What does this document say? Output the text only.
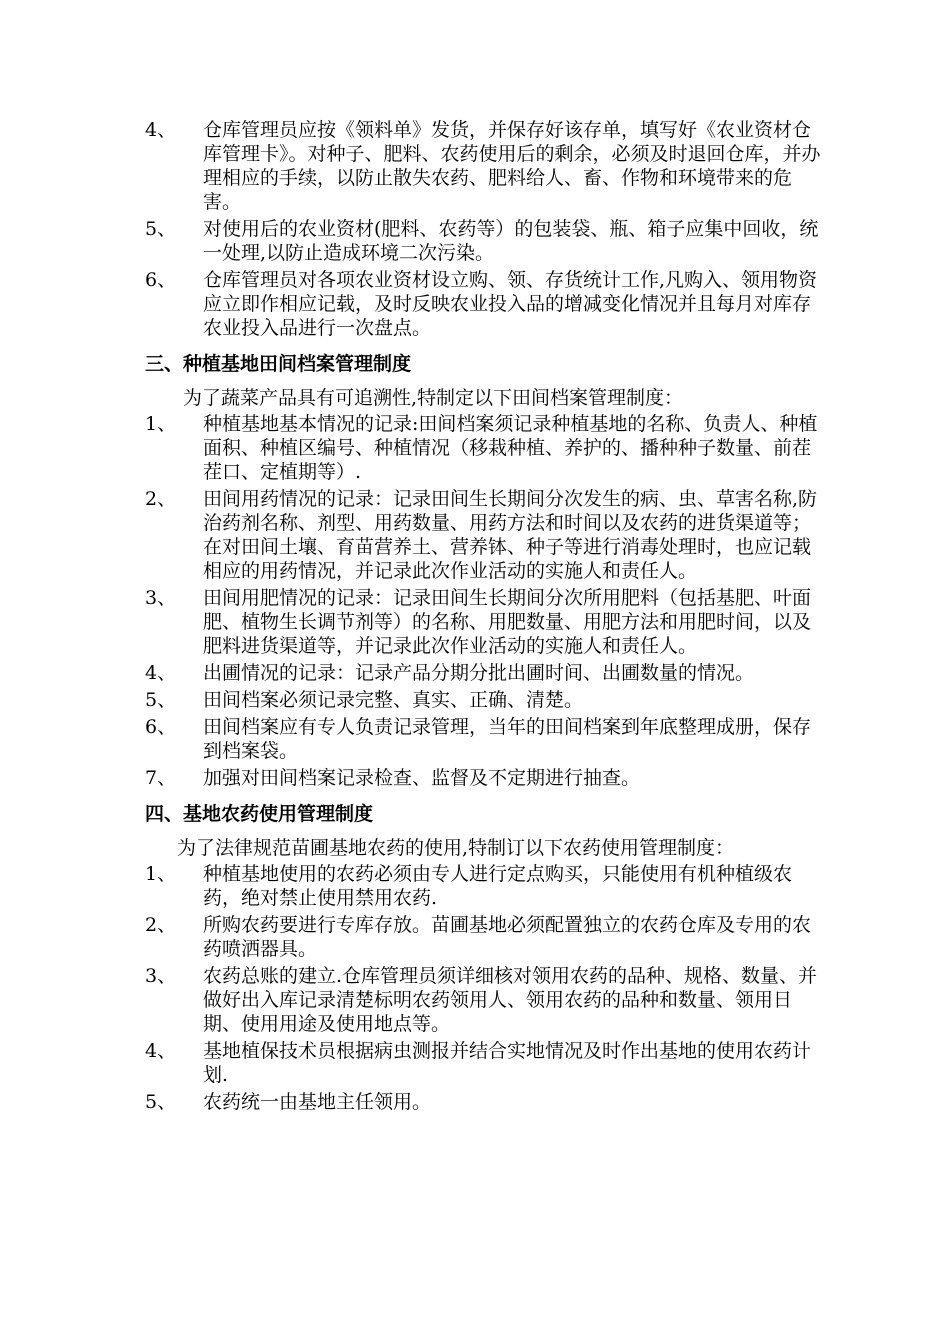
4、	仓库管理员应按《领料单》发货，并保存好该存单，填写好《农业资材仓库管理卡》。对种子、肥料、农药使用后的剩余，必须及时退回仓库，并办理相应的手续，以防止散失农药、肥料给人、畜、作物和环境带来的危害。
5、	对使用后的农业资材(肥料、农药等）的包装袋、瓶、箱子应集中回收，统一处理,以防止造成环境二次污染。
6、	仓库管理员对各项农业资材设立购、领、存货统计工作,凡购入、领用物资应立即作相应记载，及时反映农业投入品的增减变化情况并且每月对库存农业投入品进行一次盘点。
三、种植基地田间档案管理制度
为了蔬菜产品具有可追溯性,特制定以下田间档案管理制度：
1、	种植基地基本情况的记录:田间档案须记录种植基地的名称、负责人、种植面积、种植区编号、种植情况（移栽种植、养护的、播种种子数量、前茬茬口、定植期等）.
2、	田间用药情况的记录：记录田间生长期间分次发生的病、虫、草害名称,防治药剂名称、剂型、用药数量、用药方法和时间以及农药的进货渠道等；在对田间土壤、育苗营养土、营养钵、种子等进行消毒处理时，也应记载相应的用药情况，并记录此次作业活动的实施人和责任人。
3、	田间用肥情况的记录：记录田间生长期间分次所用肥料（包括基肥、叶面肥、植物生长调节剂等）的名称、用肥数量、用肥方法和用肥时间，以及肥料进货渠道等，并记录此次作业活动的实施人和责任人。
4、	出圃情况的记录：记录产品分期分批出圃时间、出圃数量的情况。
5、	田间档案必须记录完整、真实、正确、清楚。
6、	田间档案应有专人负责记录管理，当年的田间档案到年底整理成册，保存到档案袋。
7、	加强对田间档案记录检查、监督及不定期进行抽查。
四、基地农药使用管理制度
为了法律规范苗圃基地农药的使用,特制订以下农药使用管理制度：
1、	种植基地使用的农药必须由专人进行定点购买，只能使用有机种植级农药，绝对禁止使用禁用农药.
2、	所购农药要进行专库存放。苗圃基地必须配置独立的农药仓库及专用的农药喷洒器具。
3、	农药总账的建立.仓库管理员须详细核对领用农药的品种、规格、数量、并做好出入库记录清楚标明农药领用人、领用农药的品种和数量、领用日期、使用用途及使用地点等。
4、	基地植保技术员根据病虫测报并结合实地情况及时作出基地的使用农药计划.
5、	农药统一由基地主任领用。
